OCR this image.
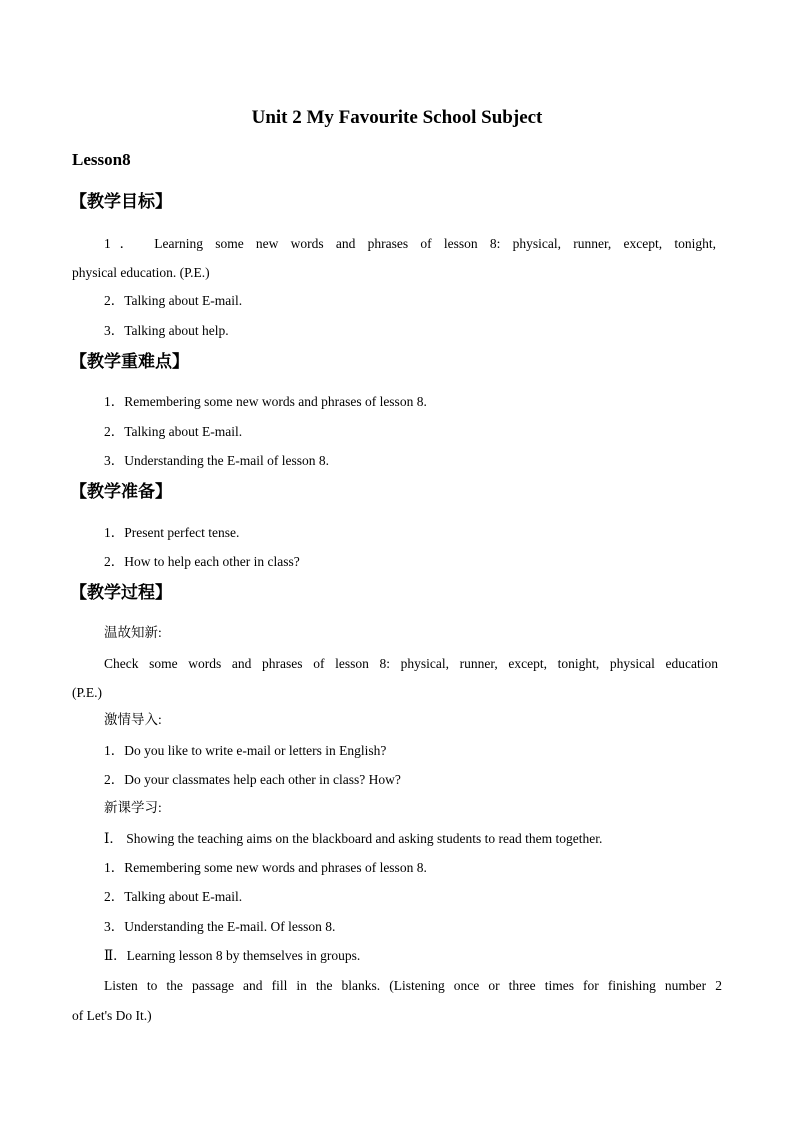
Unit 2 My Favourite School Subject
Lesson8
【教学目标】
1． Learning some new words and phrases of lesson 8: physical, runner, except, tonight,
physical education. (P.E.)
2．Talking about E-mail.
3．Talking about help.
【教学重难点】
1．Remembering some new words and phrases of lesson 8.
2．Talking about E-mail.
3．Understanding the E-mail of lesson 8.
【教学准备】
1．Present perfect tense.
2．How to help each other in class?
【教学过程】
温故知新:
Check some words and phrases of lesson 8: physical, runner, except, tonight, physical education
(P.E.)
激情导入:
1．Do you like to write e-mail or letters in English?
2．Do your classmates help each other in class? How?
新课学习:
Ⅰ． Showing the teaching aims on the blackboard and asking students to read them together.
1．Remembering some new words and phrases of lesson 8.
2．Talking about E-mail.
3．Understanding the E-mail. Of lesson 8.
Ⅱ．Learning lesson 8 by themselves in groups.
Listen to the passage and fill in the blanks. (Listening once or three times for finishing number 2
of Let's Do It.)
